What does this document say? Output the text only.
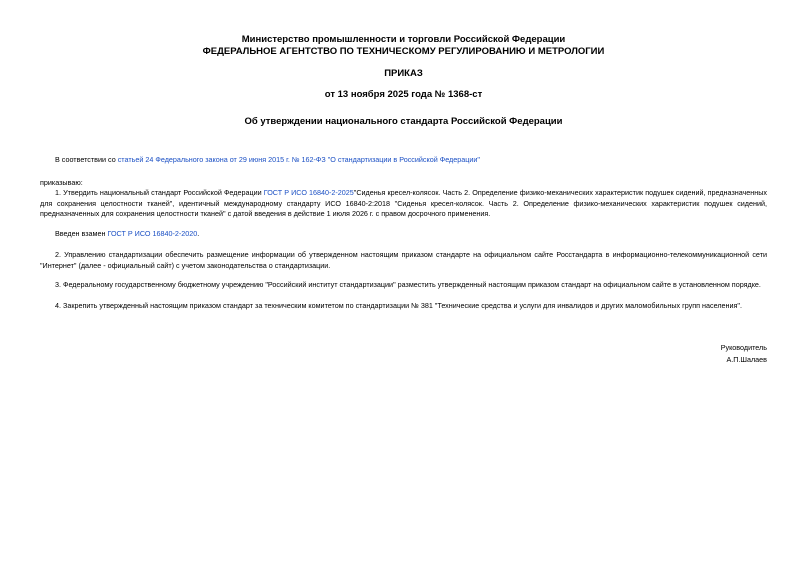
Министерство промышленности и торговли Российской Федерации
ФЕДЕРАЛЬНОЕ АГЕНТСТВО ПО ТЕХНИЧЕСКОМУ РЕГУЛИРОВАНИЮ И МЕТРОЛОГИИ
ПРИКАЗ
от 13 ноября 2025 года № 1368-ст
Об утверждении национального стандарта Российской Федерации
В соответствии со статьей 24 Федерального закона от 29 июня 2015 г. № 162-ФЗ "О стандартизации в Российской Федерации"
приказываю:
1. Утвердить национальный стандарт Российской Федерации ГОСТ Р ИСО 16840-2-2025"Сиденья кресел-колясок. Часть 2. Определение физико-механических характеристик подушек сидений, предназначенных для сохранения целостности тканей", идентичный международному стандарту ИСО 16840-2:2018 "Сиденья кресел-колясок. Часть 2. Определение физико-механических характеристик подушек сидений, предназначенных для сохранения целостности тканей" с датой введения в действие 1 июля 2026 г. с правом досрочного применения.
Введен взамен ГОСТ Р ИСО 16840-2-2020.
2. Управлению стандартизации обеспечить размещение информации об утвержденном настоящим приказом стандарте на официальном сайте Росстандарта в информационно-телекоммуникационной сети "Интернет" (далее - официальный сайт) с учетом законодательства о стандартизации.
3. Федеральному государственному бюджетному учреждению "Российский институт стандартизации" разместить утвержденный настоящим приказом стандарт на официальном сайте в установленном порядке.
4. Закрепить утвержденный настоящим приказом стандарт за техническим комитетом по стандартизации № 381 "Технические средства и услуги для инвалидов и других маломобильных групп населения".
Руководитель
А.П.Шалаев
